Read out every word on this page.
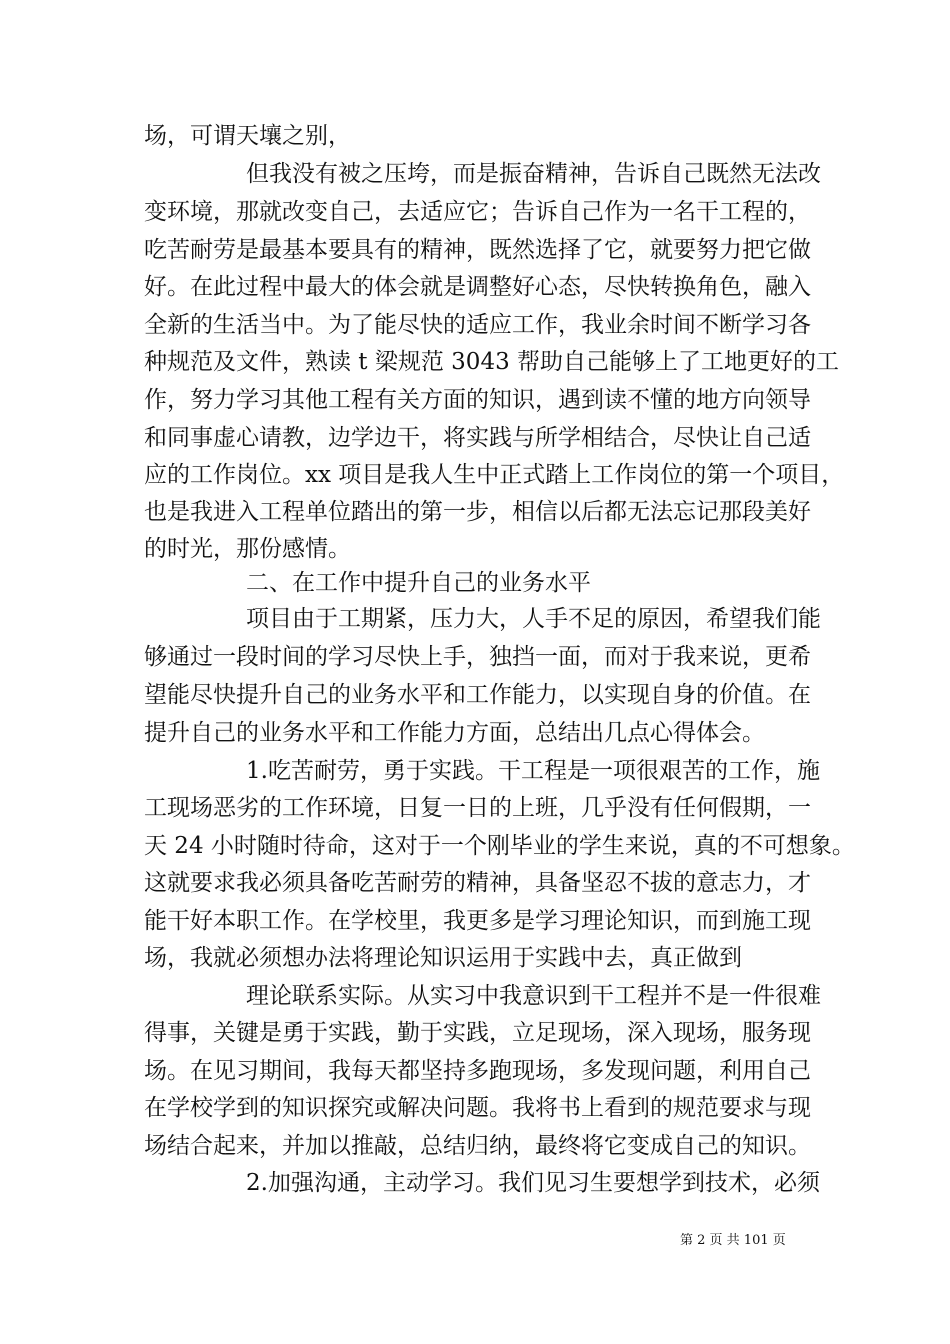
场，可谓天壤之别，
但我没有被之压垮，而是振奋精神，告诉自己既然无法改
变环境，那就改变自己，去适应它；告诉自己作为一名干工程的，
吃苦耐劳是最基本要具有的精神，既然选择了它，就要努力把它做
好。在此过程中最大的体会就是调整好心态，尽快转换角色，融入
全新的生活当中。为了能尽快的适应工作，我业余时间不断学习各
种规范及文件，熟读 t 梁规范 3043 帮助自己能够上了工地更好的工
作，努力学习其他工程有关方面的知识，遇到读不懂的地方向领导
和同事虚心请教，边学边干，将实践与所学相结合，尽快让自己适
应的工作岗位。xx 项目是我人生中正式踏上工作岗位的第一个项目，
也是我进入工程单位踏出的第一步，相信以后都无法忘记那段美好
的时光，那份感情。
二、在工作中提升自己的业务水平
项目由于工期紧，压力大，人手不足的原因，希望我们能
够通过一段时间的学习尽快上手，独挡一面，而对于我来说，更希
望能尽快提升自己的业务水平和工作能力，以实现自身的价值。在
提升自己的业务水平和工作能力方面，总结出几点心得体会。
1.吃苦耐劳，勇于实践。干工程是一项很艰苦的工作，施
工现场恶劣的工作环境，日复一日的上班，几乎没有任何假期，一
天 24 小时随时待命，这对于一个刚毕业的学生来说，真的不可想象。
这就要求我必须具备吃苦耐劳的精神，具备坚忍不拔的意志力，才
能干好本职工作。在学校里，我更多是学习理论知识，而到施工现
场，我就必须想办法将理论知识运用于实践中去，真正做到
理论联系实际。从实习中我意识到干工程并不是一件很难
得事，关键是勇于实践，勤于实践，立足现场，深入现场，服务现
场。在见习期间，我每天都坚持多跑现场，多发现问题，利用自己
在学校学到的知识探究或解决问题。我将书上看到的规范要求与现
场结合起来，并加以推敲，总结归纳，最终将它变成自己的知识。
2.加强沟通，主动学习。我们见习生要想学到技术，必须
第 2 页 共 101 页
